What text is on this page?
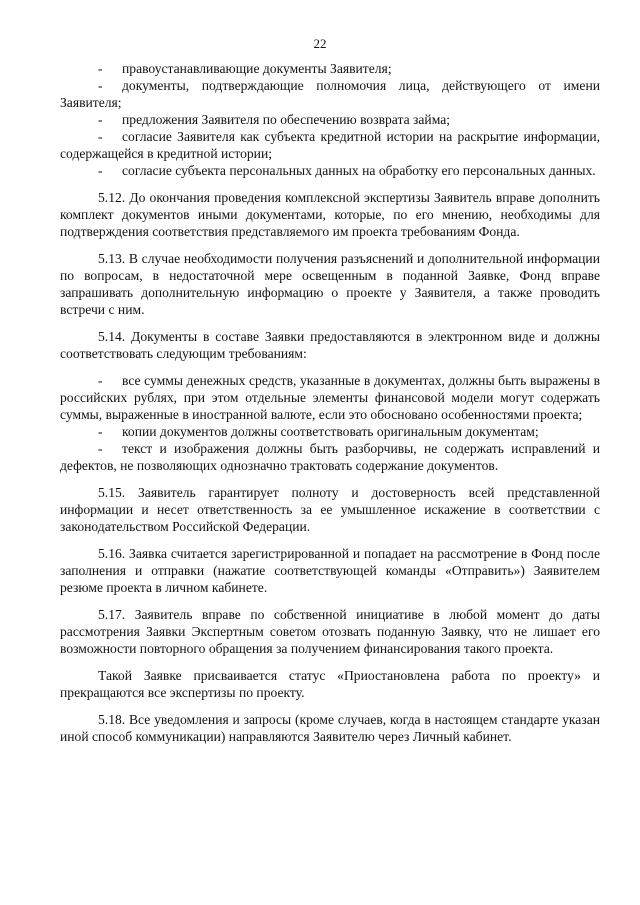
22

- правоустанавливающие документы Заявителя;

- документы, подтверждающие полномочия лица, действующего от имени Заявителя;

- предложения Заявителя по обеспечению возврата займа;

- согласие Заявителя как субъекта кредитной истории на раскрытие информации, содержащейся в кредитной истории;

- согласие субъекта персональных данных на обработку его персональных данных.

5.12. До окончания проведения комплексной экспертизы Заявитель вправе дополнить комплект документов иными документами, которые, по его мнению, необходимы для подтверждения соответствия представляемого им проекта требованиям Фонда.

5.13. В случае необходимости получения разъяснений и дополнительной информации по вопросам, в недостаточной мере освещенным в поданной Заявке, Фонд вправе запрашивать дополнительную информацию о проекте у Заявителя, а также проводить встречи с ним.

5.14. Документы в составе Заявки предоставляются в электронном виде и должны соответствовать следующим требованиям:

- все суммы денежных средств, указанные в документах, должны быть выражены в российских рублях, при этом отдельные элементы финансовой модели могут содержать суммы, выраженные в иностранной валюте, если это обосновано особенностями проекта;

- копии документов должны соответствовать оригинальным документам;

- текст и изображения должны быть разборчивы, не содержать исправлений и дефектов, не позволяющих однозначно трактовать содержание документов.

5.15. Заявитель гарантирует полноту и достоверность всей представленной информации и несет ответственность за ее умышленное искажение в соответствии с законодательством Российской Федерации.

5.16. Заявка считается зарегистрированной и попадает на рассмотрение в Фонд после заполнения и отправки (нажатие соответствующей команды «Отправить») Заявителем резюме проекта в личном кабинете.

5.17. Заявитель вправе по собственной инициативе в любой момент до даты рассмотрения Заявки Экспертным советом отозвать поданную Заявку, что не лишает его возможности повторного обращения за получением финансирования такого проекта.

Такой Заявке присваивается статус «Приостановлена работа по проекту» и прекращаются все экспертизы по проекту.

5.18. Все уведомления и запросы (кроме случаев, когда в настоящем стандарте указан иной способ коммуникации) направляются Заявителю через Личный кабинет.
